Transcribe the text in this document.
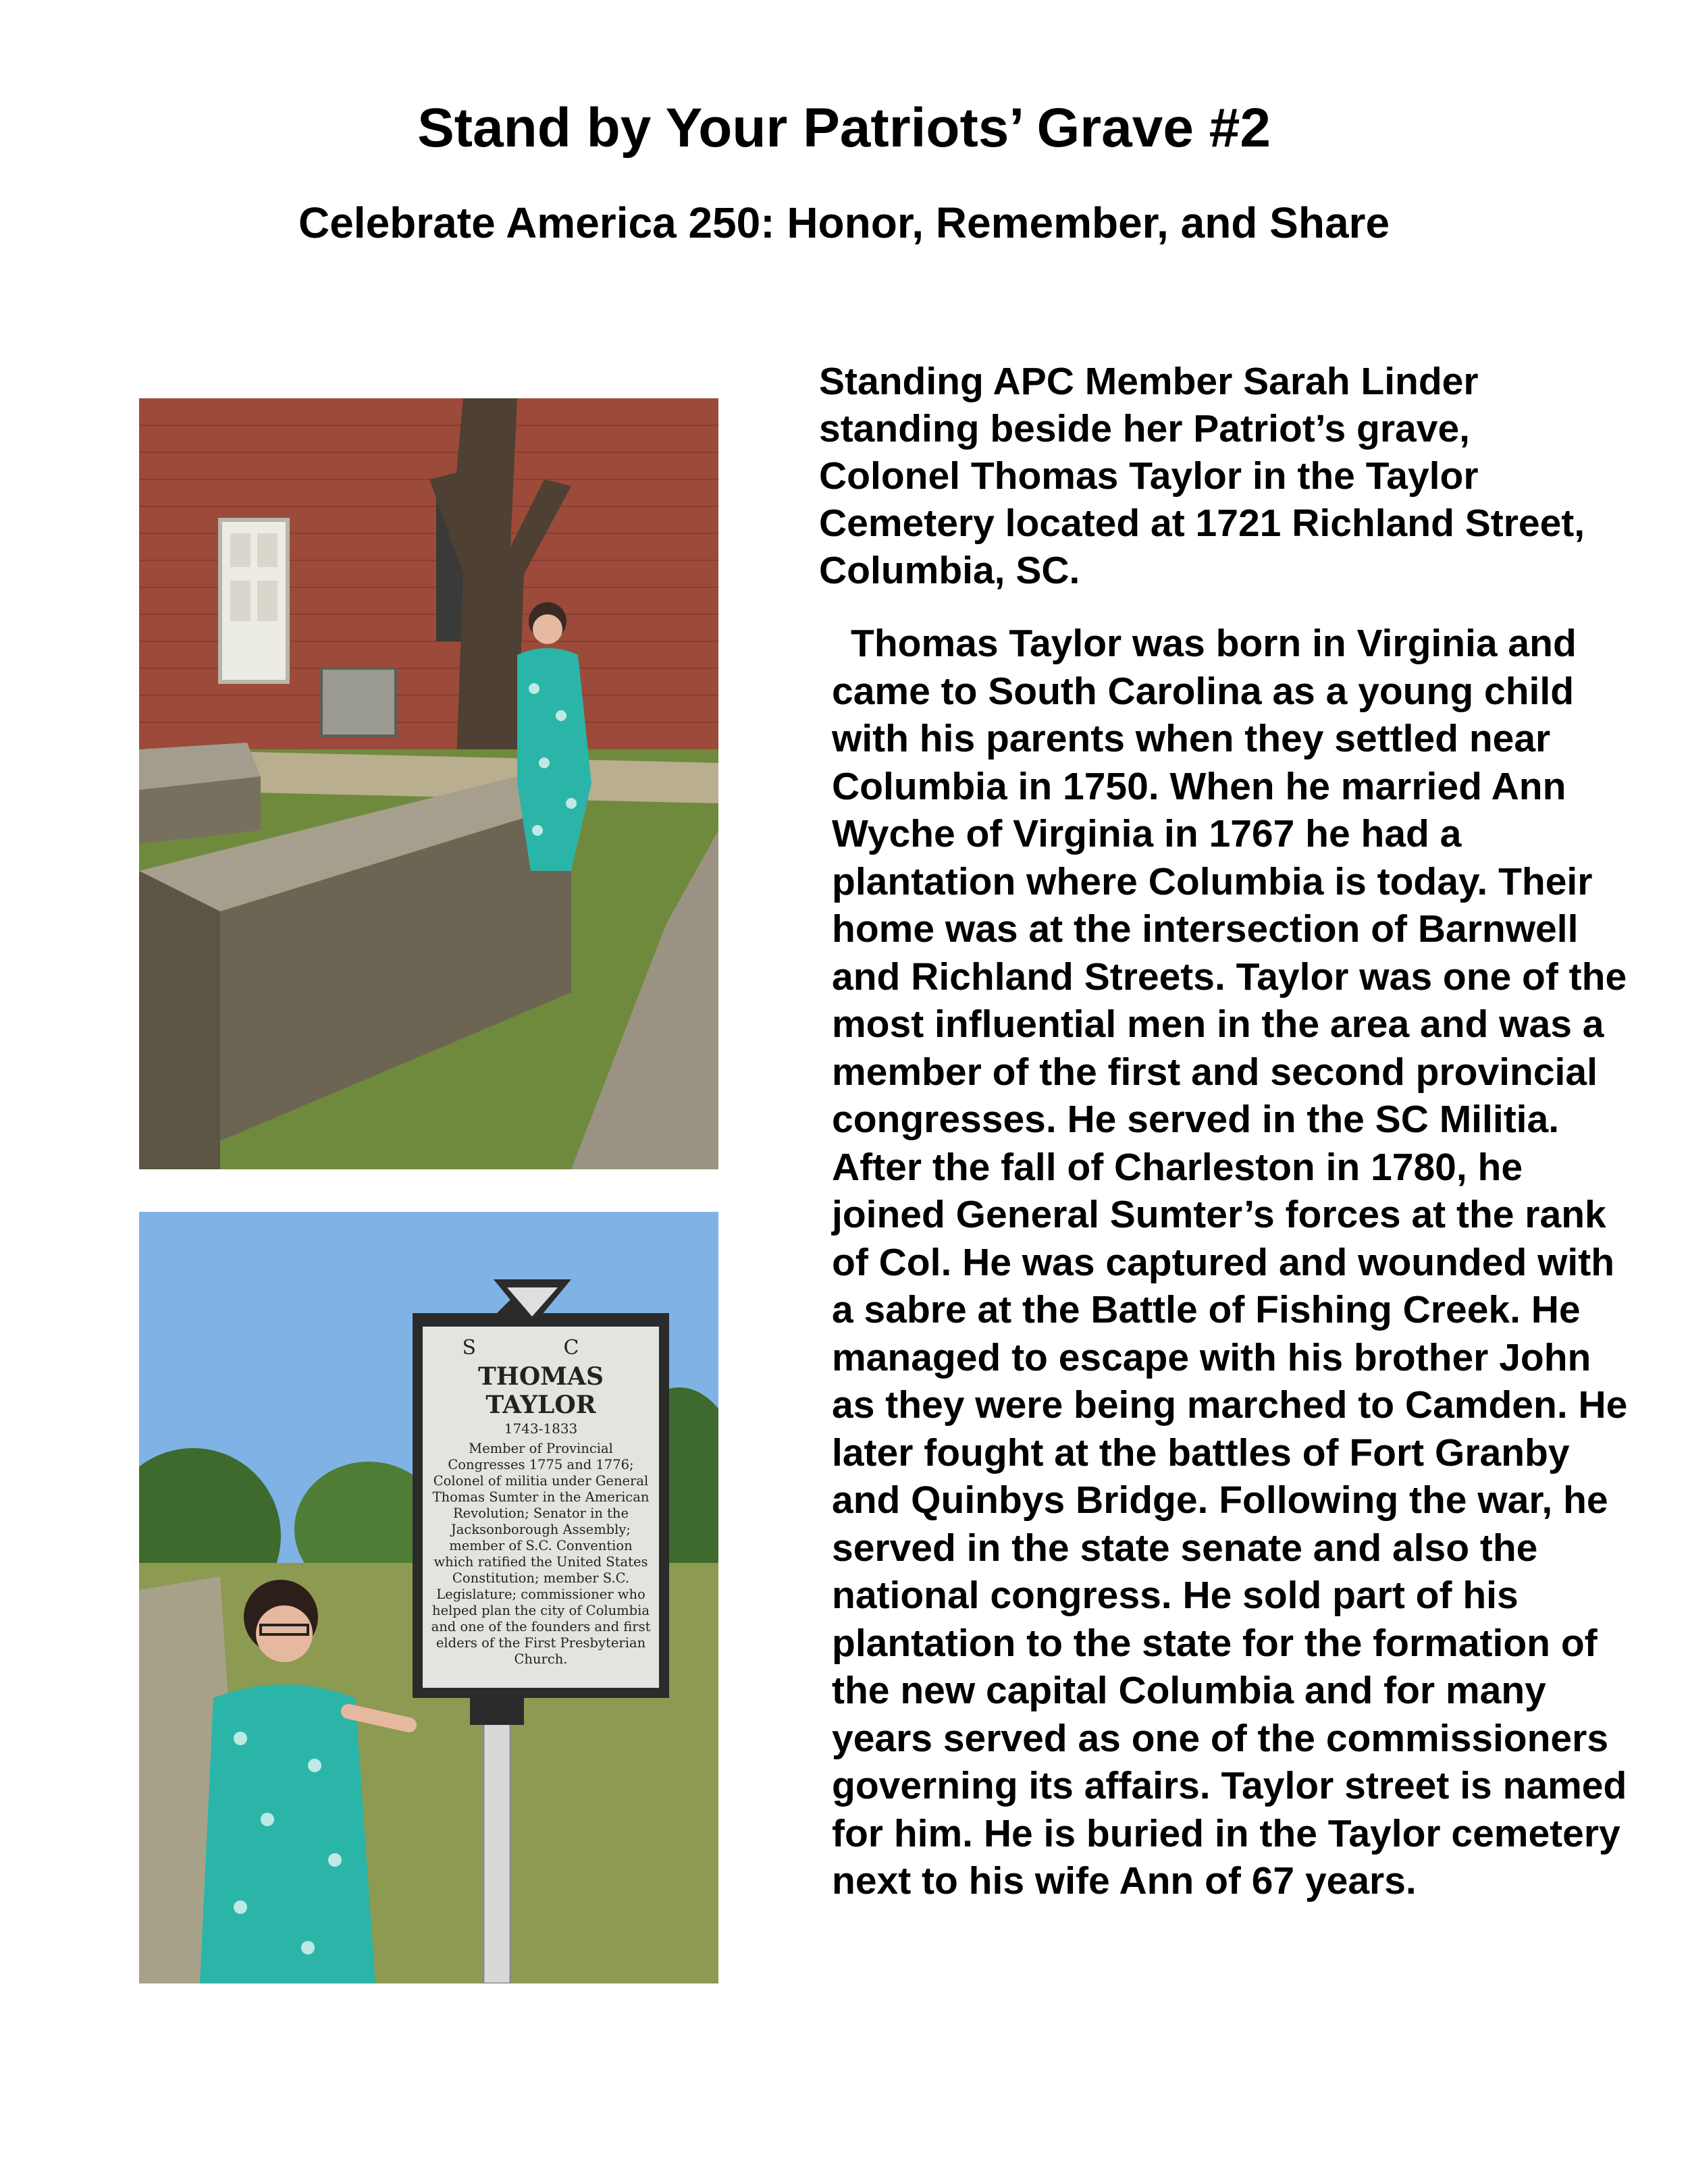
Stand by Your Patriots’ Grave #2
Celebrate America 250: Honor, Remember, and Share
S C
THOMAS TAYLOR
1743-1833
Member of Provincial Congresses 1775 and 1776; Colonel of militia under General Thomas Sumter in the American Revolution; Senator in the Jacksonborough Assembly; member of S.C. Convention which ratified the United States Constitution; member S.C. Legislature; commissioner who helped plan the city of Columbia and one of the founders and first elders of the First Presbyterian Church.

Standing APC Member Sarah Linder standing beside her Patriot’s grave, Colonel Thomas Taylor in the Taylor Cemetery located at 1721 Richland Street, Columbia, SC.

Thomas Taylor was born in Virginia and came to South Carolina as a young child with his parents when they settled near Columbia in 1750. When he married Ann Wyche of Virginia in 1767 he had a plantation where Columbia is today. Their home was at the intersection of Barnwell and Richland Streets. Taylor was one of the most influential men in the area and was a member of the first and second provincial congresses. He served in the SC Militia. After the fall of Charleston in 1780, he joined General Sumter’s forces at the rank of Col. He was captured and wounded with a sabre at the Battle of Fishing Creek. He managed to escape with his brother John as they were being marched to Camden. He later fought at the battles of Fort Granby and Quinbys Bridge. Following the war, he served in the state senate and also the national congress. He sold part of his plantation to the state for the formation of the new capital Columbia and for many years served as one of the commissioners governing its affairs. Taylor street is named for him. He is buried in the Taylor cemetery next to his wife Ann of 67 years.
